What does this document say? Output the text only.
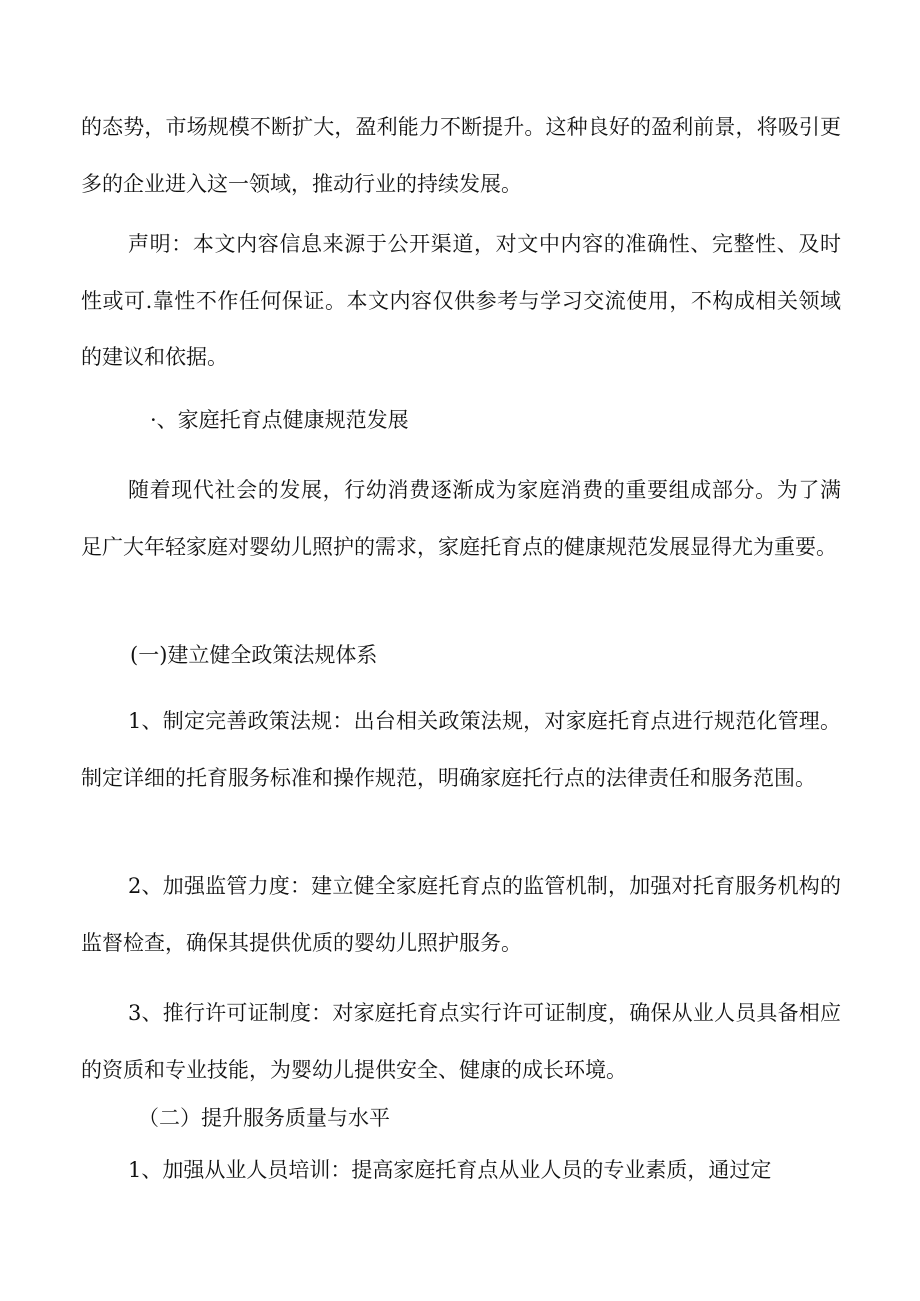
的态势，市场规模不断扩大，盈利能力不断提升。这种良好的盈利前景，将吸引更多的企业进入这一领域，推动行业的持续发展。

声明：本文内容信息来源于公开渠道，对文中内容的准确性、完整性、及时性或可.靠性不作任何保证。本文内容仅供参考与学习交流使用，不构成相关领域的建议和依据。

·、家庭托育点健康规范发展

随着现代社会的发展，行幼消费逐渐成为家庭消费的重要组成部分。为了满足广大年轻家庭对婴幼儿照护的需求，家庭托育点的健康规范发展显得尤为重要。

(一)建立健全政策法规体系

1、制定完善政策法规：出台相关政策法规，对家庭托育点进行规范化管理。制定详细的托育服务标准和操作规范，明确家庭托行点的法律责任和服务范围。

2、加强监管力度：建立健全家庭托育点的监管机制，加强对托育服务机构的监督检查，确保其提供优质的婴幼儿照护服务。

3、推行许可证制度：对家庭托育点实行许可证制度，确保从业人员具备相应的资质和专业技能，为婴幼儿提供安全、健康的成长环境。

（二）提升服务质量与水平

1、加强从业人员培训：提高家庭托育点从业人员的专业素质，通过定
